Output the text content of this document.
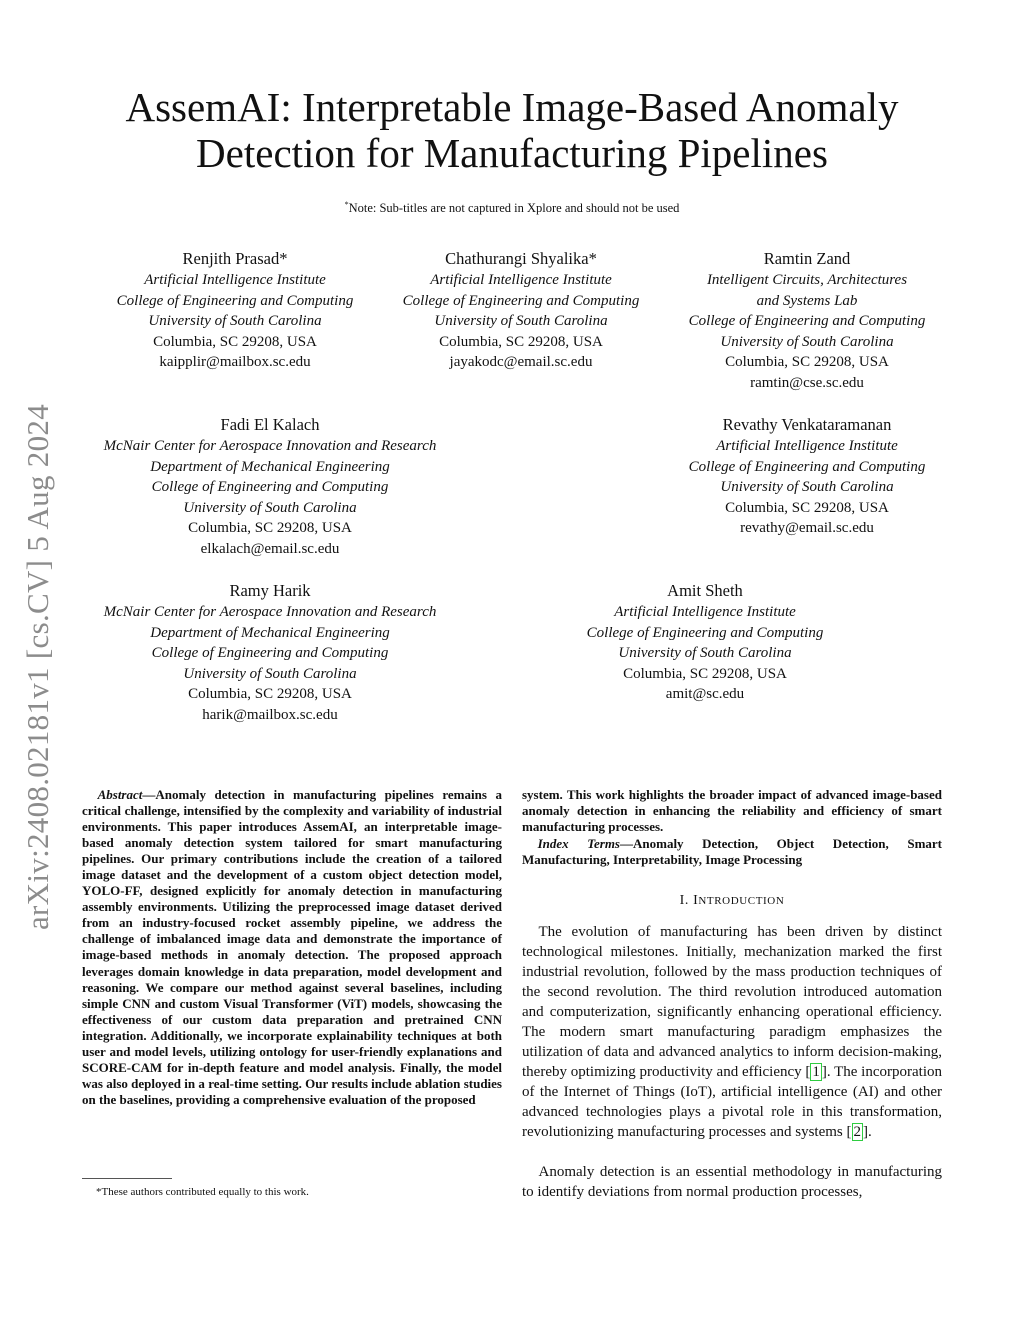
arXiv:2408.02181v1 [cs.CV] 5 Aug 2024
AssemAI: Interpretable Image-Based Anomaly
Detection for Manufacturing Pipelines
*Note: Sub-titles are not captured in Xplore and should not be used
Renjith Prasad*
Artificial Intelligence Institute
College of Engineering and Computing
University of South Carolina
Columbia, SC 29208, USA
kaipplir@mailbox.sc.edu
Chathurangi Shyalika*
Artificial Intelligence Institute
College of Engineering and Computing
University of South Carolina
Columbia, SC 29208, USA
jayakodc@email.sc.edu
Ramtin Zand
Intelligent Circuits, Architectures
and Systems Lab
College of Engineering and Computing
University of South Carolina
Columbia, SC 29208, USA
ramtin@cse.sc.edu
Fadi El Kalach
McNair Center for Aerospace Innovation and Research
Department of Mechanical Engineering
College of Engineering and Computing
University of South Carolina
Columbia, SC 29208, USA
elkalach@email.sc.edu
Revathy Venkataramanan
Artificial Intelligence Institute
College of Engineering and Computing
University of South Carolina
Columbia, SC 29208, USA
revathy@email.sc.edu
Ramy Harik
McNair Center for Aerospace Innovation and Research
Department of Mechanical Engineering
College of Engineering and Computing
University of South Carolina
Columbia, SC 29208, USA
harik@mailbox.sc.edu
Amit Sheth
Artificial Intelligence Institute
College of Engineering and Computing
University of South Carolina
Columbia, SC 29208, USA
amit@sc.edu

Abstract—Anomaly detection in manufacturing pipelines remains a critical challenge, intensified by the complexity and variability of industrial environments. This paper introduces AssemAI, an interpretable image-based anomaly detection system tailored for smart manufacturing pipelines. Our primary contributions include the creation of a tailored image dataset and the development of a custom object detection model, YOLO-FF, designed explicitly for anomaly detection in manufacturing assembly environments. Utilizing the preprocessed image dataset derived from an industry-focused rocket assembly pipeline, we address the challenge of imbalanced image data and demonstrate the importance of image-based methods in anomaly detection. The proposed approach leverages domain knowledge in data preparation, model development and reasoning. We compare our method against several baselines, including simple CNN and custom Visual Transformer (ViT) models, showcasing the effectiveness of our custom data preparation and pretrained CNN integration. Additionally, we incorporate explainability techniques at both user and model levels, utilizing ontology for user-friendly explanations and SCORE-CAM for in-depth feature and model analysis. Finally, the model was also deployed in a real-time setting. Our results include ablation studies on the baselines, providing a comprehensive evaluation of the proposed

*These authors contributed equally to this work.

system. This work highlights the broader impact of advanced image-based anomaly detection in enhancing the reliability and efficiency of smart manufacturing processes.

Index Terms—Anomaly Detection, Object Detection, Smart Manufacturing, Interpretability, Image Processing

I. INTRODUCTION

The evolution of manufacturing has been driven by distinct technological milestones. Initially, mechanization marked the first industrial revolution, followed by the mass production techniques of the second revolution. The third revolution introduced automation and computerization, significantly enhancing operational efficiency. The modern smart manufacturing paradigm emphasizes the utilization of data and advanced analytics to inform decision-making, thereby optimizing productivity and efficiency [ 1 ]. The incorporation of the Internet of Things (IoT), artificial intelligence (AI) and other advanced technologies plays a pivotal role in this transformation, revolutionizing manufacturing processes and systems [ 2 ].

Anomaly detection is an essential methodology in manufacturing to identify deviations from normal production processes,
